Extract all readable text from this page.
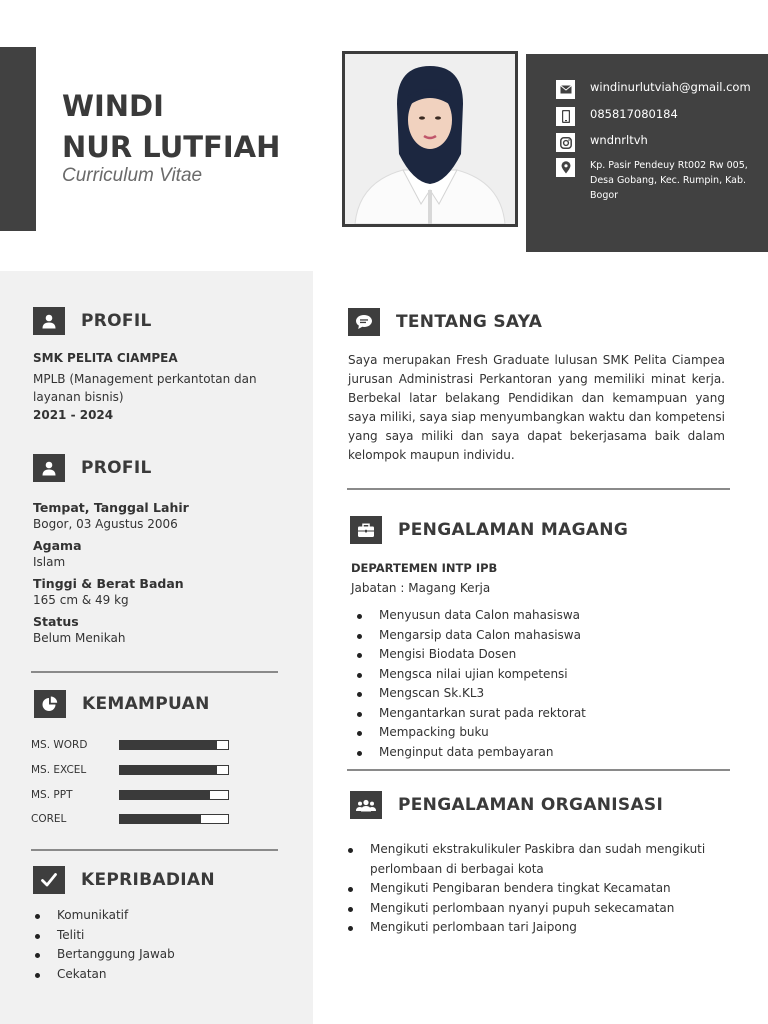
WINDI
NUR LUTFIAH
Curriculum Vitae
windinurlutviah@gmail.com
085817080184
wndnrltvh
Kp. Pasir Pendeuy Rt002 Rw 005, Desa Gobang, Kec. Rumpin, Kab. Bogor
PROFIL
SMK PELITA CIAMPEA
MPLB (Management perkantotan dan layanan bisnis)
2021 - 2024
PROFIL
Tempat, Tanggal Lahir
Bogor, 03 Agustus 2006
Agama
Islam
Tinggi & Berat Badan
165 cm & 49 kg
Status
Belum Menikah
KEMAMPUAN
MS. WORD
MS. EXCEL
MS. PPT
COREL
KEPRIBADIAN
Komunikatif
Teliti
Bertanggung Jawab
Cekatan
TENTANG SAYA
Saya merupakan Fresh Graduate lulusan SMK Pelita Ciampea jurusan Administrasi Perkantoran yang memiliki minat kerja. Berbekal latar belakang Pendidikan dan kemampuan yang saya miliki, saya siap menyumbangkan waktu dan kompetensi yang saya miliki dan saya dapat bekerjasama baik dalam kelompok maupun individu.
PENGALAMAN MAGANG
DEPARTEMEN INTP IPB
Jabatan : Magang Kerja
Menyusun data Calon mahasiswa
Mengarsip data Calon mahasiswa
Mengisi Biodata Dosen
Mengsca nilai ujian kompetensi
Mengscan Sk.KL3
Mengantarkan surat pada rektorat
Mempacking buku
Menginput data pembayaran
PENGALAMAN ORGANISASI
Mengikuti ekstrakulikuler Paskibra dan sudah mengikuti perlombaan di berbagai kota
Mengikuti Pengibaran bendera tingkat Kecamatan
Mengikuti perlombaan nyanyi pupuh sekecamatan
Mengikuti perlombaan tari Jaipong
